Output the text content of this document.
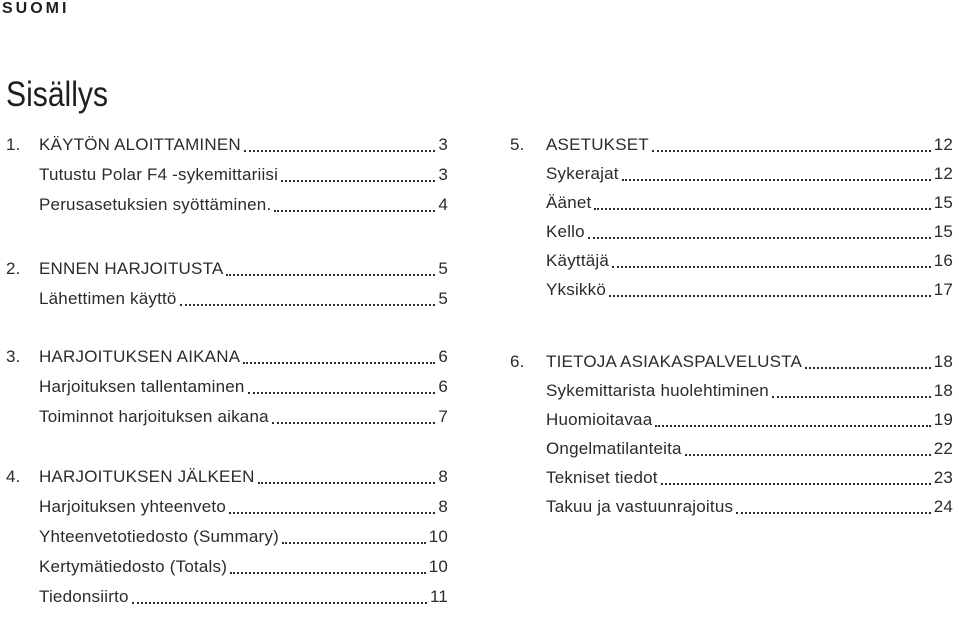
SUOMI
Sisällys
1.	KÄYTÖN ALOITTAMINEN	3
Tutustu Polar F4 -sykemittariisi	3
Perusasetuksien syöttäminen.	4
2.	ENNEN HARJOITUSTA	5
Lähettimen käyttö	5
3.	HARJOITUKSEN AIKANA	6
Harjoituksen tallentaminen	6
Toiminnot harjoituksen aikana	7
4.	HARJOITUKSEN JÄLKEEN	8
Harjoituksen yhteenveto	8
Yhteenvetotiedosto (Summary)	10
Kertymätiedosto (Totals)	10
Tiedonsiirto	11
5.	ASETUKSET	12
Sykerajat	12
Äänet	15
Kello	15
Käyttäjä	16
Yksikkö	17
6.	TIETOJA ASIAKASPALVELUSTA	18
Sykemittarista huolehtiminen	18
Huomioitavaa	19
Ongelmatilanteita	22
Tekniset tiedot	23
Takuu ja vastuunrajoitus	24
